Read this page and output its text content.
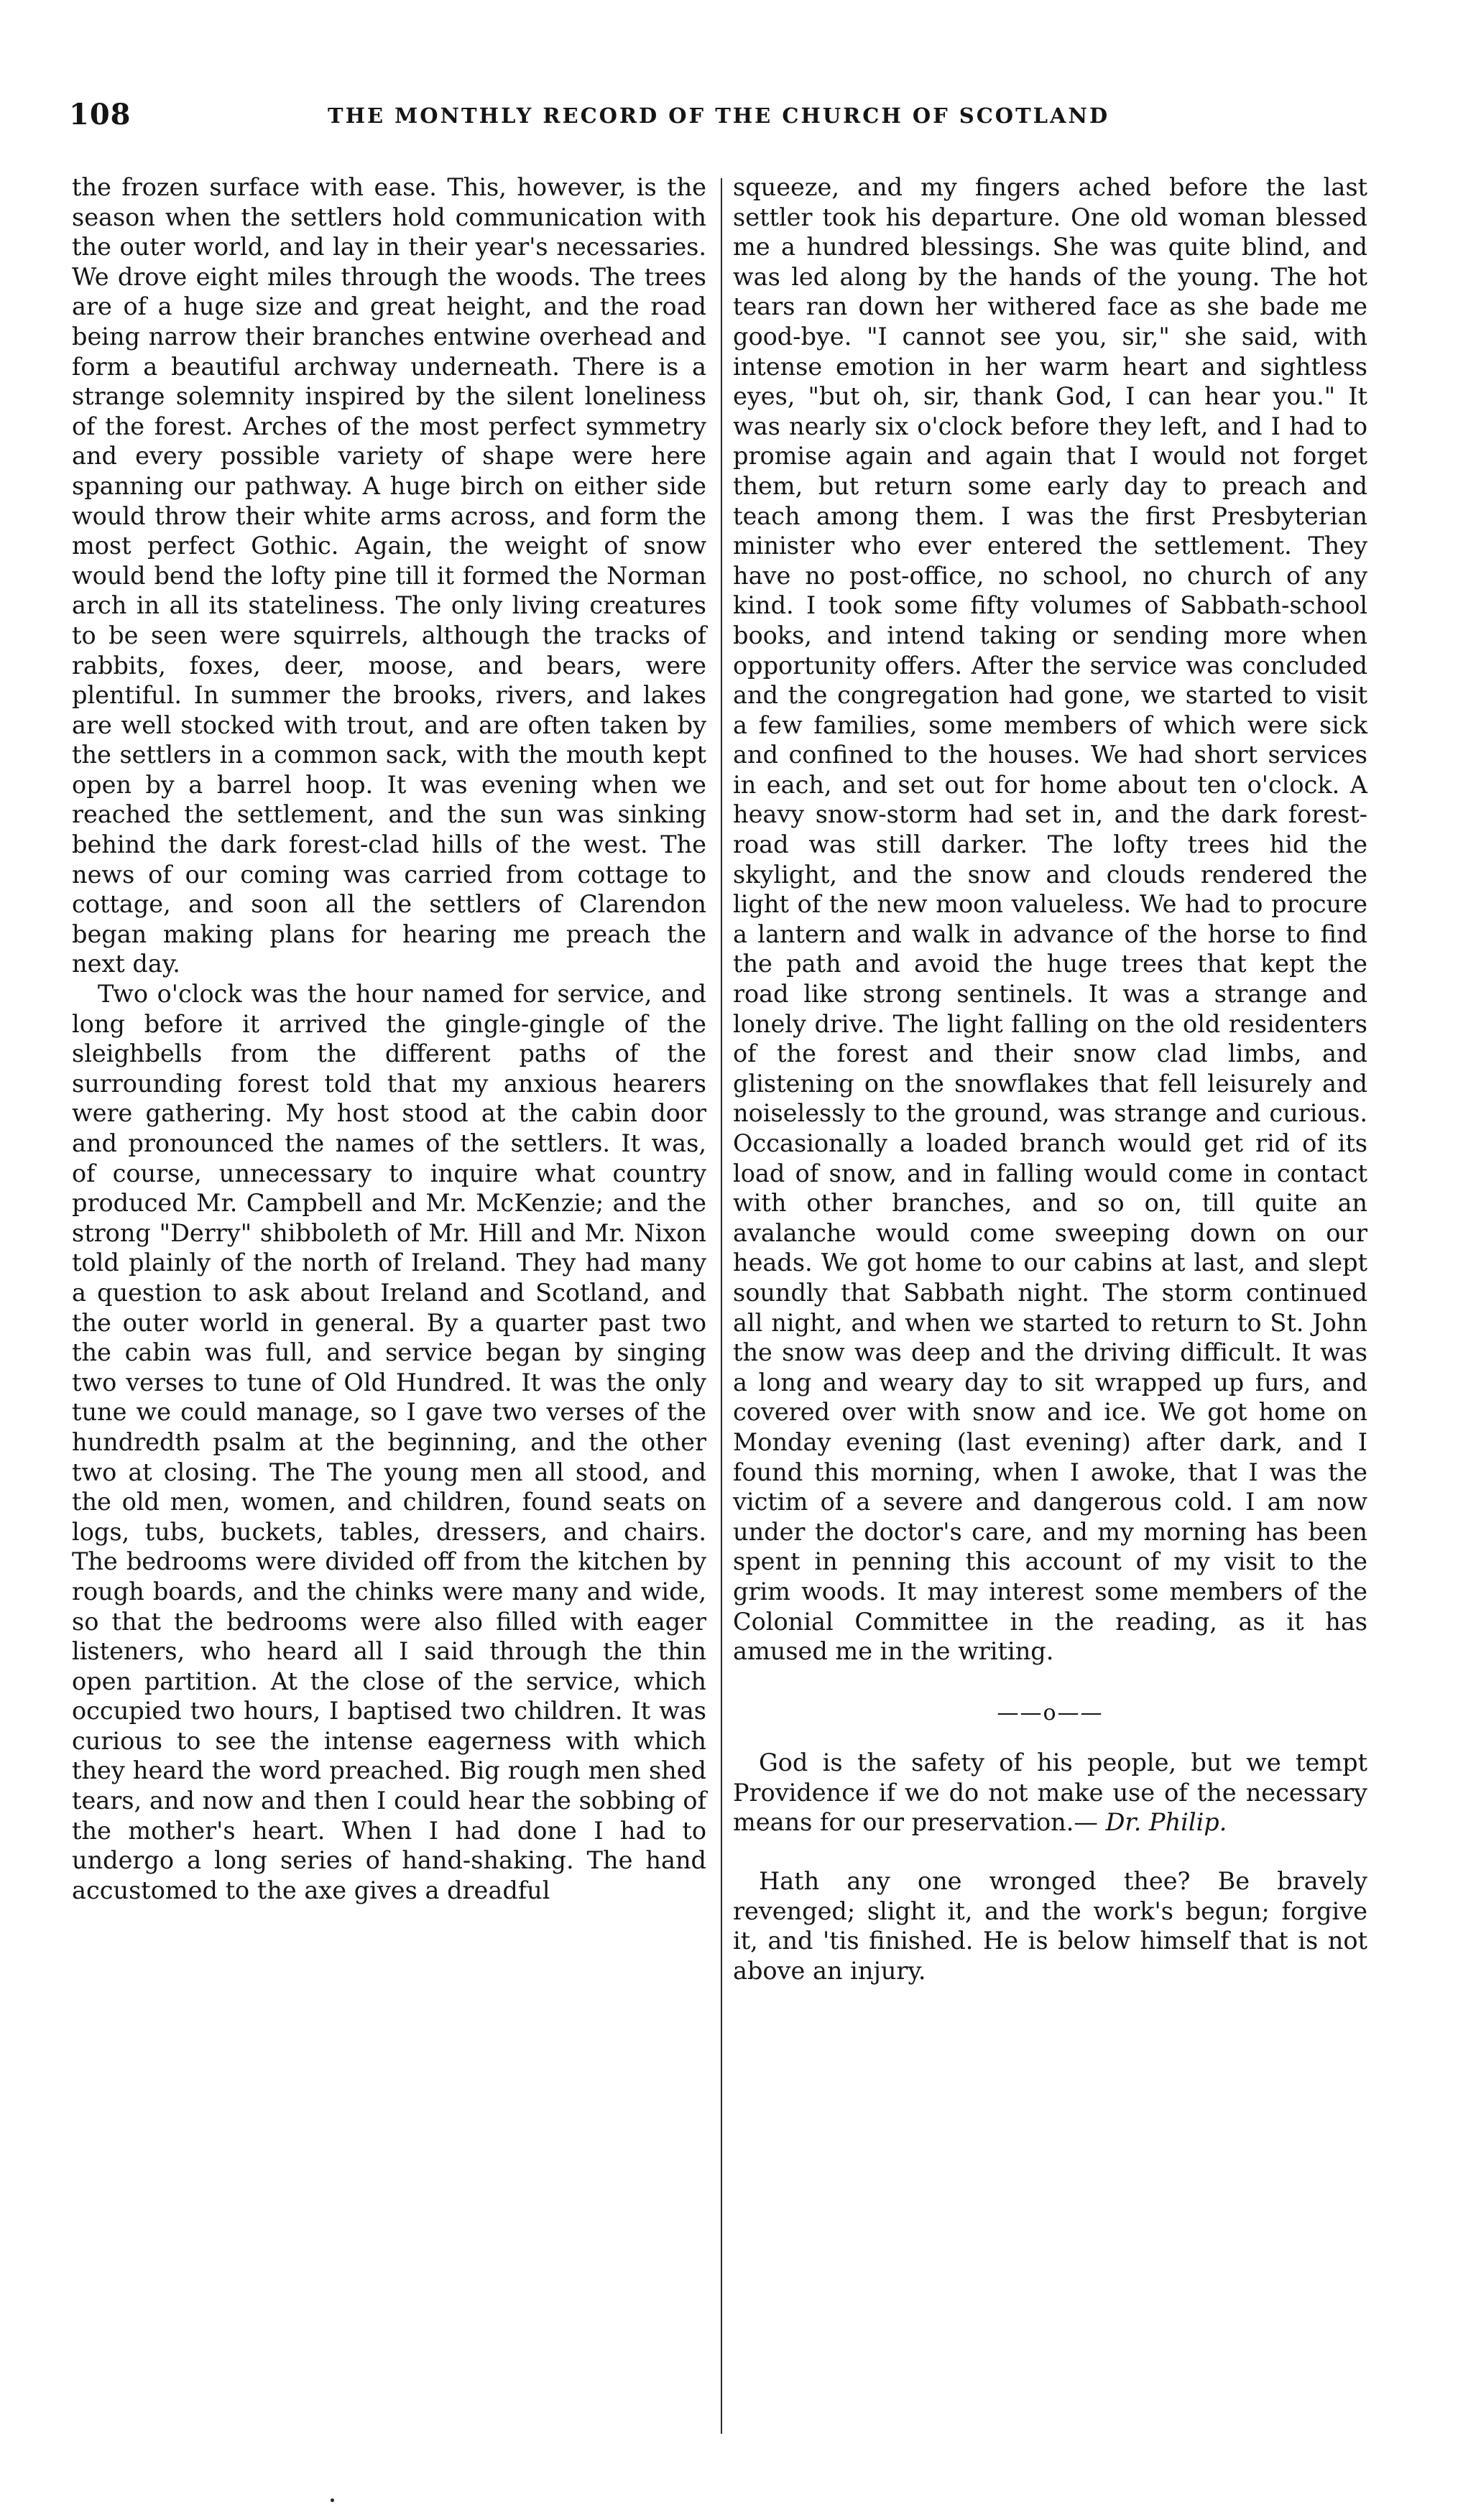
108	THE MONTHLY RECORD OF THE CHURCH OF SCOTLAND

the frozen surface with ease. This, however, is the season when the settlers hold communication with the outer world, and lay in their year's necessaries. We drove eight miles through the woods. The trees are of a huge size and great height, and the road being narrow their branches entwine overhead and form a beautiful archway underneath. There is a strange solemnity inspired by the silent loneliness of the forest. Arches of the most perfect symmetry and every possible variety of shape were here spanning our pathway. A huge birch on either side would throw their white arms across, and form the most perfect Gothic. Again, the weight of snow would bend the lofty pine till it formed the Norman arch in all its stateliness. The only living creatures to be seen were squirrels, although the tracks of rabbits, foxes, deer, moose, and bears, were plentiful. In summer the brooks, rivers, and lakes are well stocked with trout, and are often taken by the settlers in a common sack, with the mouth kept open by a barrel hoop. It was evening when we reached the settlement, and the sun was sinking behind the dark forest-clad hills of the west. The news of our coming was carried from cottage to cottage, and soon all the settlers of Clarendon began making plans for hearing me preach the next day.

Two o'clock was the hour named for service, and long before it arrived the gingle-gingle of the sleighbells from the different paths of the surrounding forest told that my anxious hearers were gathering. My host stood at the cabin door and pronounced the names of the settlers. It was, of course, unnecessary to inquire what country produced Mr. Campbell and Mr. McKenzie; and the strong "Derry" shibboleth of Mr. Hill and Mr. Nixon told plainly of the north of Ireland. They had many a question to ask about Ireland and Scotland, and the outer world in general. By a quarter past two the cabin was full, and service began by singing two verses to tune of Old Hundred. It was the only tune we could manage, so I gave two verses of the hundredth psalm at the beginning, and the other two at closing. The The young men all stood, and the old men, women, and children, found seats on logs, tubs, buckets, tables, dressers, and chairs. The bedrooms were divided off from the kitchen by rough boards, and the chinks were many and wide, so that the bedrooms were also filled with eager listeners, who heard all I said through the thin open partition. At the close of the service, which occupied two hours, I baptised two children. It was curious to see the intense eagerness with which they heard the word preached. Big rough men shed tears, and now and then I could hear the sobbing of the mother's heart. When I had done I had to undergo a long series of hand-shaking. The hand accustomed to the axe gives a dreadful

squeeze, and my fingers ached before the last settler took his departure. One old woman blessed me a hundred blessings. She was quite blind, and was led along by the hands of the young. The hot tears ran down her withered face as she bade me good-bye. "I cannot see you, sir," she said, with intense emotion in her warm heart and sightless eyes, "but oh, sir, thank God, I can hear you." It was nearly six o'clock before they left, and I had to promise again and again that I would not forget them, but return some early day to preach and teach among them. I was the first Presbyterian minister who ever entered the settlement. They have no post-office, no school, no church of any kind. I took some fifty volumes of Sabbath-school books, and intend taking or sending more when opportunity offers. After the service was concluded and the congregation had gone, we started to visit a few families, some members of which were sick and confined to the houses. We had short services in each, and set out for home about ten o'clock. A heavy snow-storm had set in, and the dark forest-road was still darker. The lofty trees hid the skylight, and the snow and clouds rendered the light of the new moon valueless. We had to procure a lantern and walk in advance of the horse to find the path and avoid the huge trees that kept the road like strong sentinels. It was a strange and lonely drive. The light falling on the old residenters of the forest and their snow clad limbs, and glistening on the snowflakes that fell leisurely and noiselessly to the ground, was strange and curious. Occasionally a loaded branch would get rid of its load of snow, and in falling would come in contact with other branches, and so on, till quite an avalanche would come sweeping down on our heads. We got home to our cabins at last, and slept soundly that Sabbath night. The storm continued all night, and when we started to return to St. John the snow was deep and the driving difficult. It was a long and weary day to sit wrapped up furs, and covered over with snow and ice. We got home on Monday evening (last evening) after dark, and I found this morning, when I awoke, that I was the victim of a severe and dangerous cold. I am now under the doctor's care, and my morning has been spent in penning this account of my visit to the grim woods. It may interest some members of the Colonial Committee in the reading, as it has amused me in the writing.

——o——

God is the safety of his people, but we tempt Providence if we do not make use of the necessary means for our preservation.— Dr. Philip.

Hath any one wronged thee? Be bravely revenged; slight it, and the work's begun; forgive it, and 'tis finished. He is below himself that is not above an injury.
